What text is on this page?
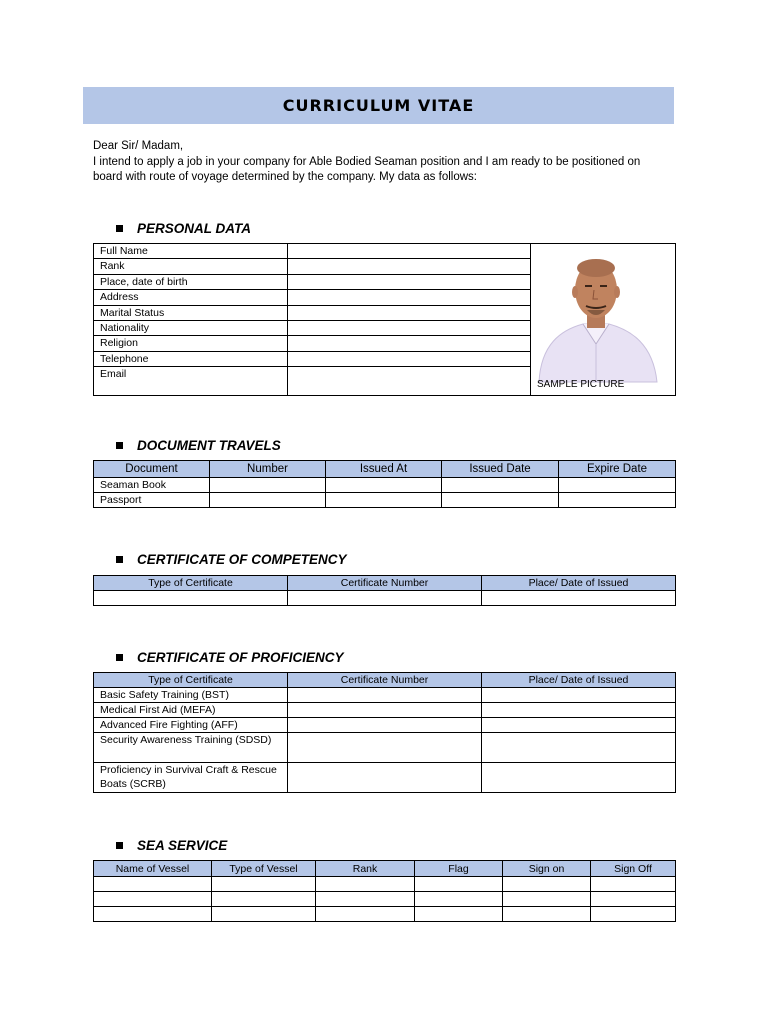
CURRICULUM VITAE
Dear Sir/ Madam,
I intend to apply a job in your company for Able Bodied Seaman position and I am ready to be positioned on
board with route of voyage determined by the company. My data as follows:
PERSONAL DATA
Full Name		SAMPLE PICTURE

Rank		
Place, date of birth		
Address		
Marital Status		
Nationality		
Religion		
Telephone		
Email		
DOCUMENT TRAVELS
Document	Number	Issued At	Issued Date	Expire Date
Seaman Book				
Passport				
CERTIFICATE OF COMPETENCY
Type of Certificate	Certificate Number	Place/ Date of Issued

CERTIFICATE OF PROFICIENCY
Type of Certificate	Certificate Number	Place/ Date of Issued
Basic Safety Training (BST)		
Medical First Aid (MEFA)		
Advanced Fire Fighting (AFF)		
Security Awareness Training (SDSD)		
Proficiency in Survival Craft & Rescue Boats (SCRB)		
SEA SERVICE
Name of Vessel	Type of Vessel	Rank	Flag	Sign on	Sign Off
